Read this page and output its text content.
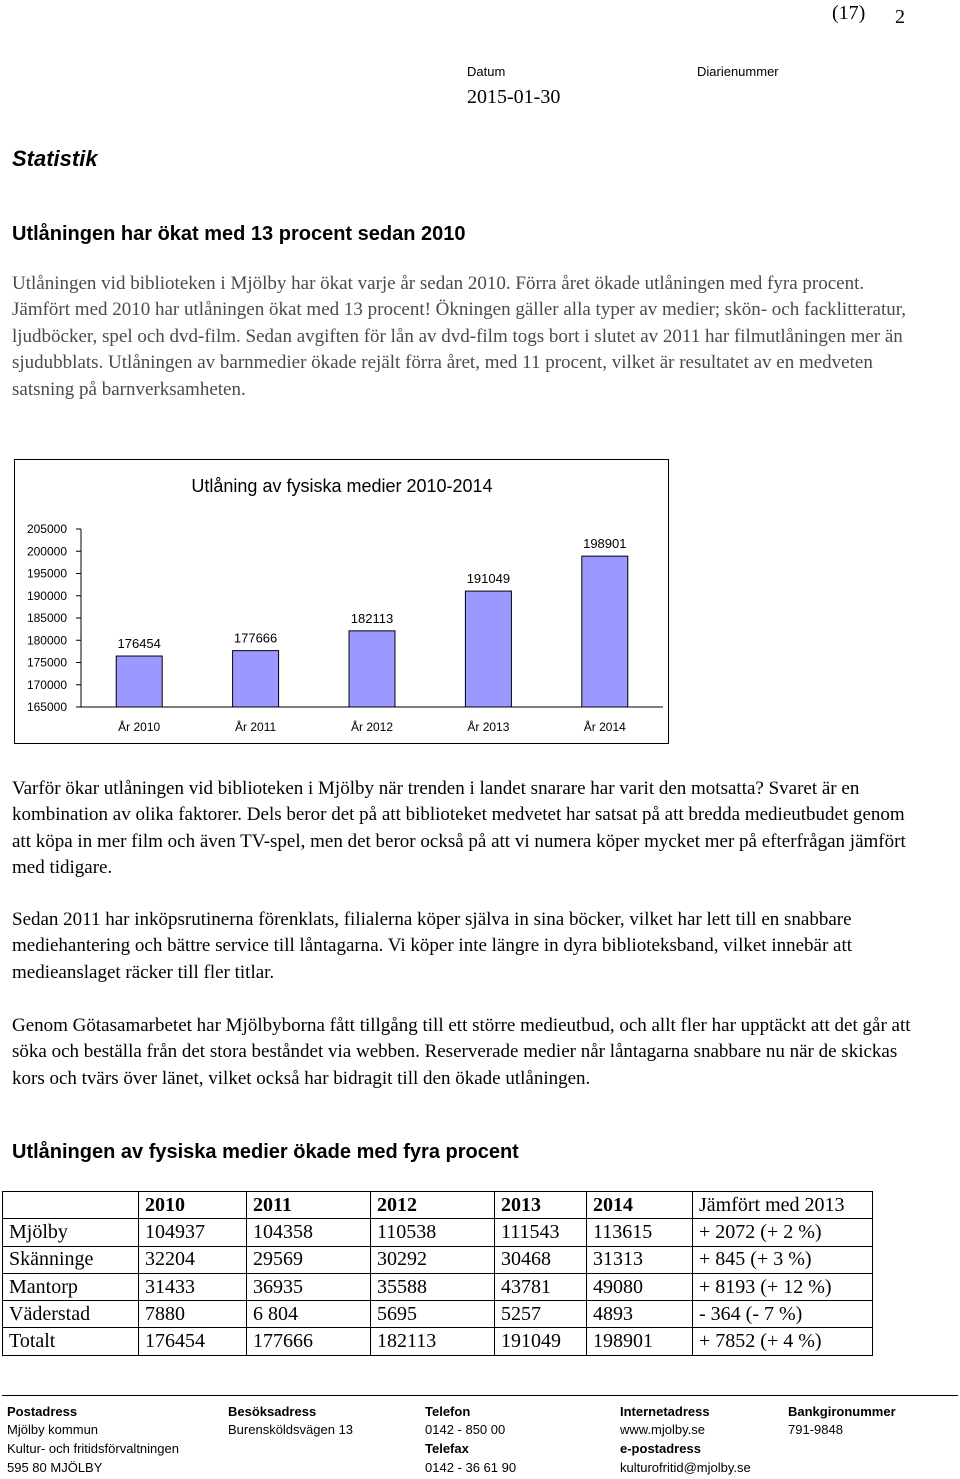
(17) 2
Datum	Diarienummer
2015-01-30
Statistik
Utlåningen har ökat med 13 procent sedan 2010

Utlåningen vid biblioteken i Mjölby har ökat varje år sedan 2010. Förra året ökade utlåningen med fyra procent. Jämfört med 2010 har utlåningen ökat med 13 procent! Ökningen gäller alla typer av medier; skön- och facklitteratur, ljudböcker, spel och dvd-film. Sedan avgiften för lån av dvd-film togs bort i slutet av 2011 har filmutlåningen mer än sjudubblats. Utlåningen av barnmedier ökade rejält förra året, med 11 procent, vilket är resultatet av en medveten satsning på barnverksamheten.

Utlåning av fysiska medier 2010-2014
165000
170000
175000
180000
185000
190000
195000
200000
205000
176454
År 2010
177666
År 2011
182113
År 2012
191049
År 2013
198901
År 2014

Varför ökar utlåningen vid biblioteken i Mjölby när trenden i landet snarare har varit den motsatta? Svaret är en kombination av olika faktorer. Dels beror det på att biblioteket medvetet har satsat på att bredda medieutbudet genom att köpa in mer film och även TV-spel, men det beror också på att vi numera köper mycket mer på efterfrågan jämfört med tidigare.

Sedan 2011 har inköpsrutinerna förenklats, filialerna köper själva in sina böcker, vilket har lett till en snabbare mediehantering och bättre service till låntagarna. Vi köper inte längre in dyra biblioteksband, vilket innebär att medieanslaget räcker till fler titlar.

Genom Götasamarbetet har Mjölbyborna fått tillgång till ett större medieutbud, och allt fler har upptäckt att det går att söka och beställa från det stora beståndet via webben. Reserverade medier når låntagarna snabbare nu när de skickas kors och tvärs över länet, vilket också har bidragit till den ökade utlåningen.

Utlåningen av fysiska medier ökade med fyra procent
	2010	2011	2012	2013	2014	Jämfört med 2013
Mjölby	104937	104358	110538	111543	113615	+ 2072 (+ 2 %)
Skänninge	32204	29569	30292	30468	31313	+ 845 (+ 3 %)
Mantorp	31433	36935	35588	43781	49080	+ 8193 (+ 12 %)
Väderstad	7880	6 804	5695	5257	4893	- 364 (- 7 %)
Totalt	176454	177666	182113	191049	198901	+ 7852 (+ 4 %)
Postadress
Mjölby kommun
Kultur- och fritidsförvaltningen
595 80 MJÖLBY
Besöksadress
Burensköldsvägen 13
Telefon
0142 - 850 00
Telefax
0142 - 36 61 90
Internetadress
www.mjolby.se
e-postadress
kulturofritid@mjolby.se
Bankgironummer
791-9848
